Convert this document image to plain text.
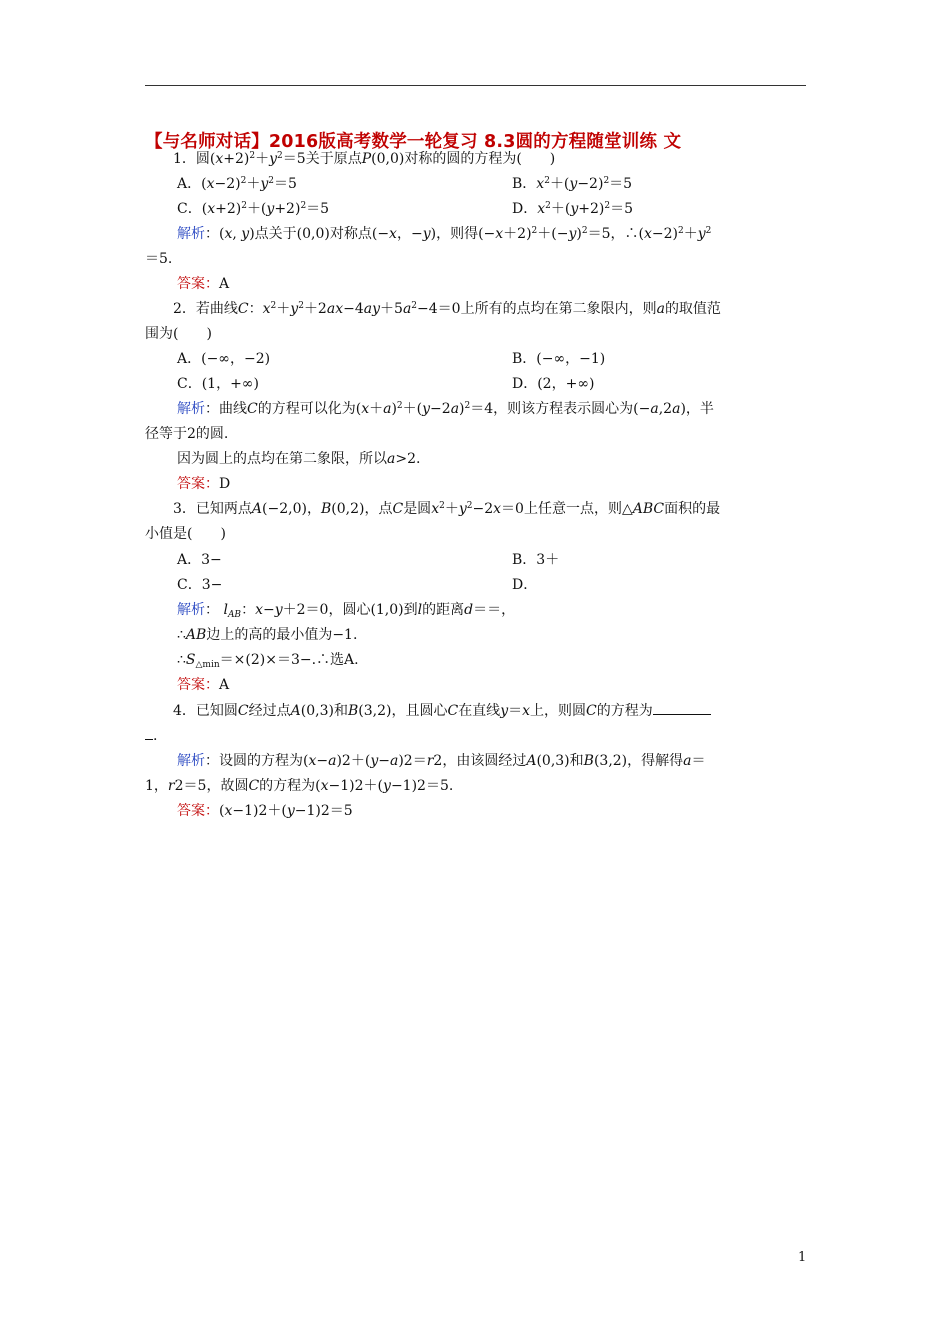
【与名师对话】2016版高考数学一轮复习 8.3圆的方程随堂训练 文
1．圆$(x+2)^2+y^2=5$关于原点P(0,0)对称的圆的方程为(　　)
A．$(x-2)^2+y^2=5$	B．$x^2+(y-2)^2=5$
C．$(x+2)^2+(y+2)^2=5$	D．$x^2+(y+2)^2=5$
解析：(x, y)点关于(0,0)对称点(−x，−y)，则得$(-x+2)^2+(-y)^2=5$，$\therefore(x-2)^2+y^2$
＝5.
答案：A
2．若曲线C：$x^2+y^2+2ax-4ay+5a^2-4=0$上所有的点均在第二象限内，则a的取值范
围为(　　)
A．(−∞，−2)	B．(−∞，−1)
C．(1，+∞)	D．(2，+∞)
解析：曲线C的方程可以化为$(x+a)^2+(y-2a)^2=4$，则该方程表示圆心为(−a,2a)，半
径等于2的圆.
因为圆上的点均在第二象限，所以a>2.
答案：D
3．已知两点A(−2,0)，B(0,2)，点C是圆$x^2+y^2-2x=0$上任意一点，则△ABC面积的最
小值是(　　)
A．3−	B．3＋
C．3−	D．
解析： $l_{AB}$：x−y＋2＝0，圆心(1,0)到l的距离d＝＝，
∴AB边上的高的最小值为−1.
$\therefore S_{\triangle min}=\times(2)\times=3-.\therefore$选A.
答案：A
4．已知圆C经过点A(0,3)和B(3,2)，且圆心C在直线y＝x上，则圆C的方程为
.
解析：设圆的方程为(x−a)2＋(y−a)2＝r2，由该圆经过A(0,3)和B(3,2)，得解得a＝
1，r2＝5，故圆C的方程为(x−1)2＋(y−1)2＝5.
答案：(x−1)2＋(y−1)2＝5
1
